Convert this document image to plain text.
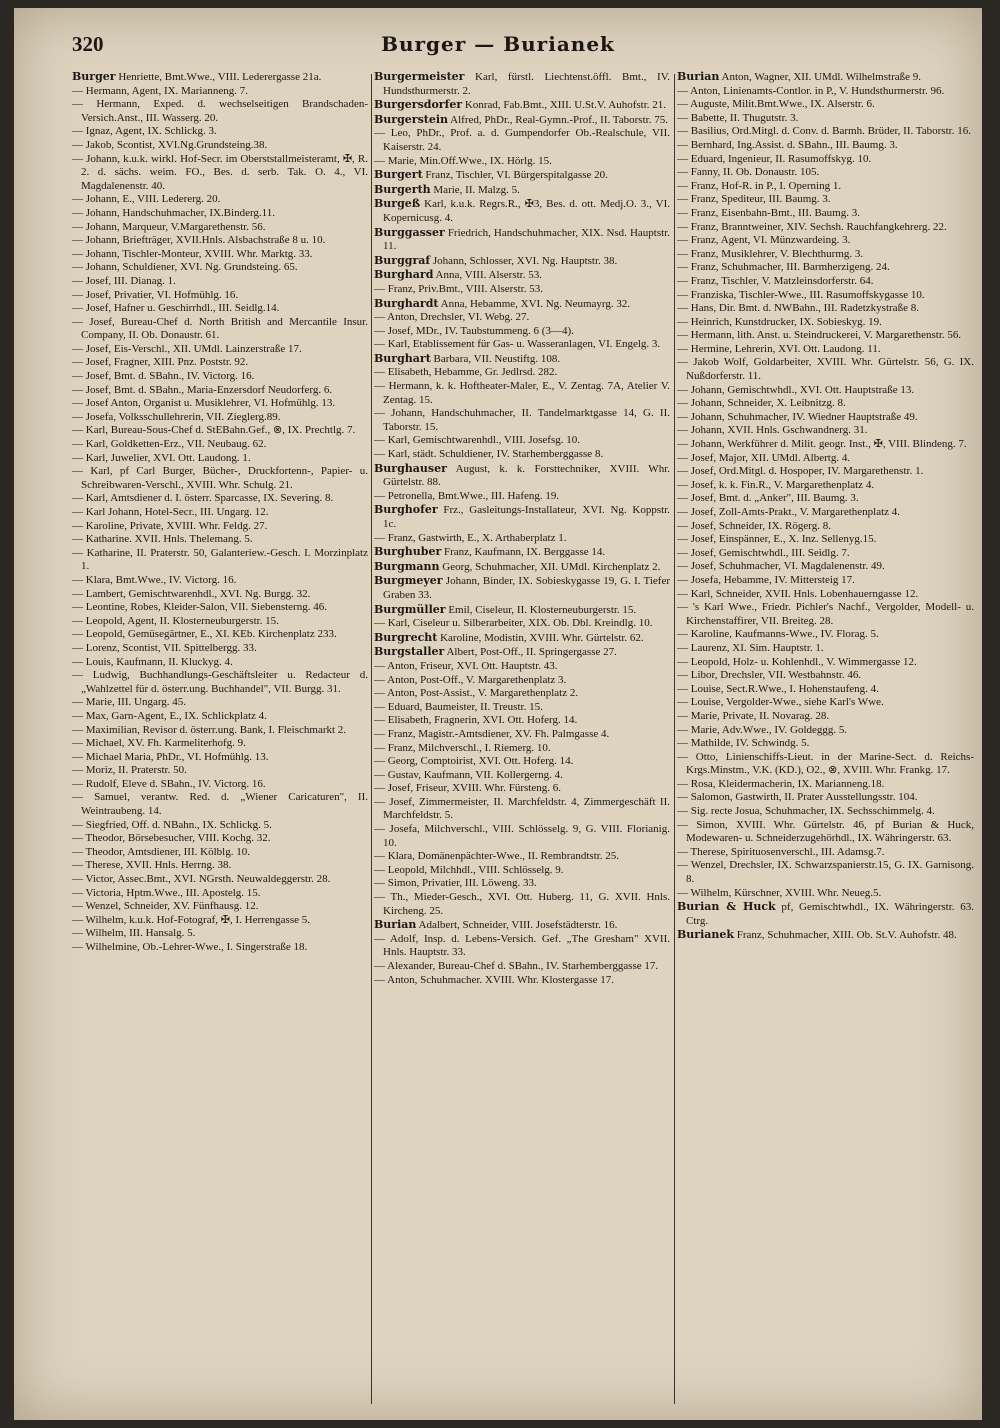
320	Burger — Burianek

Burger Henriette, Bmt.Wwe., VIII. Lederergasse 21a.

— Hermann, Agent, IX. Marianneng. 7.

— Hermann, Exped. d. wechselseitigen Brandschaden-Versich.Anst., III. Wasserg. 20.

— Ignaz, Agent, IX. Schlickg. 3.

— Jakob, Scontist, XVI.Ng.Grundsteing.38.

— Johann, k.u.k. wirkl. Hof-Secr. im Oberststallmeisteramt, ✠, R. 2. d. sächs. weim. FO., Bes. d. serb. Tak. O. 4., VI. Magdalenenstr. 40.

— Johann, E., VIII. Ledererg. 20.

— Johann, Handschuhmacher, IX.Binderg.11.

— Johann, Marqueur, V.Margarethenstr. 56.

— Johann, Briefträger, XVII.Hnls. Alsbachstraße 8 u. 10.

— Johann, Tischler-Monteur, XVIII. Whr. Marktg. 33.

— Johann, Schuldiener, XVI. Ng. Grundsteing. 65.

— Josef, III. Dianag. 1.

— Josef, Privatier, VI. Hofmühlg. 16.

— Josef, Hafner u. Geschirrhdl., III. Seidlg.14.

— Josef, Bureau-Chef d. North British and Mercantile Insur. Company, II. Ob. Donaustr. 61.

— Josef, Eis-Verschl., XII. UMdl. Lainzerstraße 17.

— Josef, Fragner, XIII. Pnz. Poststr. 92.

— Josef, Bmt. d. SBahn., IV. Victorg. 16.

— Josef, Bmt. d. SBahn., Maria-Enzersdorf Neudorferg. 6.

— Josef Anton, Organist u. Musiklehrer, VI. Hofmühlg. 13.

— Josefa, Volksschullehrerin, VII. Zieglerg.89.

— Karl, Bureau-Sous-Chef d. StEBahn.Gef., ⊗, IX. Prechtlg. 7.

— Karl, Goldketten-Erz., VII. Neubaug. 62.

— Karl, Juwelier, XVI. Ott. Laudong. 1.

— Karl, pf Carl Burger, Bücher-, Druckfortenn-, Papier- u. Schreibwaren-Verschl., XVIII. Whr. Schulg. 21.

— Karl, Amtsdiener d. I. österr. Sparcasse, IX. Severing. 8.

— Karl Johann, Hotel-Secr., III. Ungarg. 12.

— Karoline, Private, XVIII. Whr. Feldg. 27.

— Katharine. XVII. Hnls. Thelemang. 5.

— Katharine, II. Praterstr. 50, Galanteriew.-Gesch. I. Morzinplatz 1.

— Klara, Bmt.Wwe., IV. Victorg. 16.

— Lambert, Gemischtwarenhdl., XVI. Ng. Burgg. 32.

— Leontine, Robes, Kleider-Salon, VII. Siebensterng. 46.

— Leopold, Agent, II. Klosterneuburgerstr. 15.

— Leopold, Gemüsegärtner, E., XI. KEb. Kirchenplatz 233.

— Lorenz, Scontist, VII. Spittelbergg. 33.

— Louis, Kaufmann, II. Kluckyg. 4.

— Ludwig, Buchhandlungs-Geschäftsleiter u. Redacteur d. „Wahlzettel für d. österr.ung. Buchhandel", VII. Burgg. 31.

— Marie, III. Ungarg. 45.

— Max, Garn-Agent, E., IX. Schlickplatz 4.

— Maximilian, Revisor d. österr.ung. Bank, I. Fleischmarkt 2.

— Michael, XV. Fh. Karmeliterhofg. 9.

— Michael Maria, PhDr., VI. Hofmühlg. 13.

— Moriz, II. Praterstr. 50.

— Rudolf, Eleve d. SBahn., IV. Victorg. 16.

— Samuel, verantw. Red. d. „Wiener Caricaturen", II. Weintraubeng. 14.

— Siegfried, Off. d. NBahn., IX. Schlickg. 5.

— Theodor, Börsebesucher, VIII. Kochg. 32.

— Theodor, Amtsdiener, III. Kölblg. 10.

— Therese, XVII. Hnls. Herrng. 38.

— Victor, Assec.Bmt., XVI. NGrsth. Neuwaldeggerstr. 28.

— Victoria, Hptm.Wwe., III. Apostelg. 15.

— Wenzel, Schneider, XV. Fünfhausg. 12.

— Wilhelm, k.u.k. Hof-Fotograf, ✠, I. Herrengasse 5.

— Wilhelm, III. Hansalg. 5.

— Wilhelmine, Ob.-Lehrer-Wwe., I. Singerstraße 18.

Burgermeister Karl, fürstl. Liechtenst.öffl. Bmt., IV. Hundsthurmerstr. 2.

Burgersdorfer Konrad, Fab.Bmt., XIII. U.St.V. Auhofstr. 21.

Burgerstein Alfred, PhDr., Real-Gymn.-Prof., II. Taborstr. 75.

— Leo, PhDr., Prof. a. d. Gumpendorfer Ob.-Realschule, VII. Kaiserstr. 24.

— Marie, Min.Off.Wwe., IX. Hörlg. 15.

Burgert Franz, Tischler, VI. Bürgerspitalgasse 20.

Burgerth Marie, II. Malzg. 5.

Burgeß Karl, k.u.k. Regrs.R., ✠3, Bes. d. ott. Medj.O. 3., VI. Kopernicusg. 4.

Burggasser Friedrich, Handschuhmacher, XIX. Nsd. Hauptstr. 11.

Burggraf Johann, Schlosser, XVI. Ng. Hauptstr. 38.

Burghard Anna, VIII. Alserstr. 53.

— Franz, Priv.Bmt., VIII. Alserstr. 53.

Burghardt Anna, Hebamme, XVI. Ng. Neumayrg. 32.

— Anton, Drechsler, VI. Webg. 27.

— Josef, MDr., IV. Taubstummeng. 6 (3—4).

— Karl, Etablissement für Gas- u. Wasseranlagen, VI. Engelg. 3.

Burghart Barbara, VII. Neustiftg. 108.

— Elisabeth, Hebamme, Gr. Jedlrsd. 282.

— Hermann, k. k. Hoftheater-Maler, E., V. Zentag. 7A, Atelier V. Zentag. 15.

— Johann, Handschuhmacher, II. Tandelmarktgasse 14, G. II. Taborstr. 15.

— Karl, Gemischtwarenhdl., VIII. Josefsg. 10.

— Karl, städt. Schuldiener, IV. Starhemberggasse 8.

Burghauser August, k. k. Forsttechniker, XVIII. Whr. Gürtelstr. 88.

— Petronella, Bmt.Wwe., III. Hafeng. 19.

Burghofer Frz., Gasleitungs-Installateur, XVI. Ng. Koppstr. 1c.

— Franz, Gastwirth, E., X. Arthaberplatz 1.

Burghuber Franz, Kaufmann, IX. Berggasse 14.

Burgmann Georg, Schuhmacher, XII. UMdl. Kirchenplatz 2.

Burgmeyer Johann, Binder, IX. Sobieskygasse 19, G. I. Tiefer Graben 33.

Burgmüller Emil, Ciseleur, II. Klosterneuburgerstr. 15.

— Karl, Ciseleur u. Silberarbeiter, XIX. Ob. Dbl. Kreindlg. 10.

Burgrecht Karoline, Modistin, XVIII. Whr. Gürtelstr. 62.

Burgstaller Albert, Post-Off., II. Springergasse 27.

— Anton, Friseur, XVI. Ott. Hauptstr. 43.

— Anton, Post-Off., V. Margarethenplatz 3.

— Anton, Post-Assist., V. Margarethenplatz 2.

— Eduard, Baumeister, II. Treustr. 15.

— Elisabeth, Fragnerin, XVI. Ott. Hoferg. 14.

— Franz, Magistr.-Amtsdiener, XV. Fh. Palmgasse 4.

— Franz, Milchverschl., I. Riemerg. 10.

— Georg, Comptoirist, XVI. Ott. Hoferg. 14.

— Gustav, Kaufmann, VII. Kollergerng. 4.

— Josef, Friseur, XVIII. Whr. Fürsteng. 6.

— Josef, Zimmermeister, II. Marchfeldstr. 4, Zimmergeschäft II. Marchfeldstr. 5.

— Josefa, Milchverschl., VIII. Schlösselg. 9, G. VIII. Florianig. 10.

— Klara, Domänenpächter-Wwe., II. Rembrandtstr. 25.

— Leopold, Milchhdl., VIII. Schlösselg. 9.

— Simon, Privatier, III. Löweng. 33.

— Th., Mieder-Gesch., XVI. Ott. Huberg. 11, G. XVII. Hnls. Kircheng. 25.

Burian Adalbert, Schneider, VIII. Josefstädterstr. 16.

— Adolf, Insp. d. Lebens-Versich. Gef. „The Gresham" XVII. Hnls. Hauptstr. 33.

— Alexander, Bureau-Chef d. SBahn., IV. Starhemberggasse 17.

— Anton, Schuhmacher. XVIII. Whr. Klostergasse 17.

Burian Anton, Wagner, XII. UMdl. Wilhelmstraße 9.

— Anton, Linienamts-Contlor. in P., V. Hundsthurmerstr. 96.

— Auguste, Milit.Bmt.Wwe., IX. Alserstr. 6.

— Babette, II. Thugutstr. 3.

— Basilius, Ord.Mitgl. d. Conv. d. Barmh. Brüder, II. Taborstr. 16.

— Bernhard, Ing.Assist. d. SBahn., III. Baumg. 3.

— Eduard, Ingenieur, II. Rasumoffskyg. 10.

— Fanny, II. Ob. Donaustr. 105.

— Franz, Hof-R. in P., I. Operning 1.

— Franz, Spediteur, III. Baumg. 3.

— Franz, Eisenbahn-Bmt., III. Baumg. 3.

— Franz, Branntweiner, XIV. Sechsh. Rauchfangkehrerg. 22.

— Franz, Agent, VI. Münzwardeing. 3.

— Franz, Musiklehrer, V. Blechthurmg. 3.

— Franz, Schuhmacher, III. Barmherzigeng. 24.

— Franz, Tischler, V. Matzleinsdorferstr. 64.

— Franziska, Tischler-Wwe., III. Rasumoffskygasse 10.

— Hans, Dir. Bmt. d. NWBahn., III. Radetzkystraße 8.

— Heinrich, Kunstdrucker, IX. Sobieskyg. 19.

— Hermann, lith. Anst. u. Steindruckerei, V. Margarethenstr. 56.

— Hermine, Lehrerin, XVI. Ott. Laudong. 11.

— Jakob Wolf, Goldarbeiter, XVIII. Whr. Gürtelstr. 56, G. IX. Nußdorferstr. 11.

— Johann, Gemischtwhdl., XVI. Ott. Hauptstraße 13.

— Johann, Schneider, X. Leibnitzg. 8.

— Johann, Schuhmacher, IV. Wiedner Hauptstraße 49.

— Johann, XVII. Hnls. Gschwandnerg. 31.

— Johann, Werkführer d. Milit. geogr. Inst., ✠, VIII. Blindeng. 7.

— Josef, Major, XII. UMdl. Albertg. 4.

— Josef, Ord.Mitgl. d. Hospoper, IV. Margarethenstr. 1.

— Josef, k. k. Fin.R., V. Margarethenplatz 4.

— Josef, Bmt. d. „Anker", III. Baumg. 3.

— Josef, Zoll-Amts-Prakt., V. Margarethenplatz 4.

— Josef, Schneider, IX. Rögerg. 8.

— Josef, Einspänner, E., X. Inz. Sellenyg.15.

— Josef, Gemischtwhdl., III. Seidlg. 7.

— Josef, Schuhmacher, VI. Magdalenenstr. 49.

— Josefa, Hebamme, IV. Mittersteig 17.

— Karl, Schneider, XVII. Hnls. Lobenhauerngasse 12.

— 's Karl Wwe., Friedr. Pichler's Nachf., Vergolder, Modell- u. Kirchenstaffirer, VII. Breiteg. 28.

— Karoline, Kaufmanns-Wwe., IV. Florag. 5.

— Laurenz, XI. Sim. Hauptstr. 1.

— Leopold, Holz- u. Kohlenhdl., V. Wimmergasse 12.

— Libor, Drechsler, VII. Westbahnstr. 46.

— Louise, Sect.R.Wwe., I. Hohenstaufeng. 4.

— Louise, Vergolder-Wwe., siehe Karl's Wwe.

— Marie, Private, II. Novarag. 28.

— Marie, Adv.Wwe., IV. Goldeggg. 5.

— Mathilde, IV. Schwindg. 5.

— Otto, Linienschiffs-Lieut. in der Marine-Sect. d. Reichs-Krgs.Minstm., V.K. (KD.), O2., ⊗, XVIII. Whr. Frankg. 17.

— Rosa, Kleidermacherin, IX. Marianneng.18.

— Salomon, Gastwirth, II. Prater Ausstellungsstr. 104.

— Sig. recte Josua, Schuhmacher, IX. Sechsschimmelg. 4.

— Simon, XVIII. Whr. Gürtelstr. 46, pf Burian & Huck, Modewaren- u. Schneiderzugehörhdl., IX. Währingerstr. 63.

— Therese, Spirituosenverschl., III. Adamsg.7.

— Wenzel, Drechsler, IX. Schwarzspanierstr.15, G. IX. Garnisong. 8.

— Wilhelm, Kürschner, XVIII. Whr. Neueg.5.

Burian & Huck pf, Gemischtwhdl., IX. Währingerstr. 63. Ctrg.

Burianek Franz, Schuhmacher, XIII. Ob. St.V. Auhofstr. 48.
